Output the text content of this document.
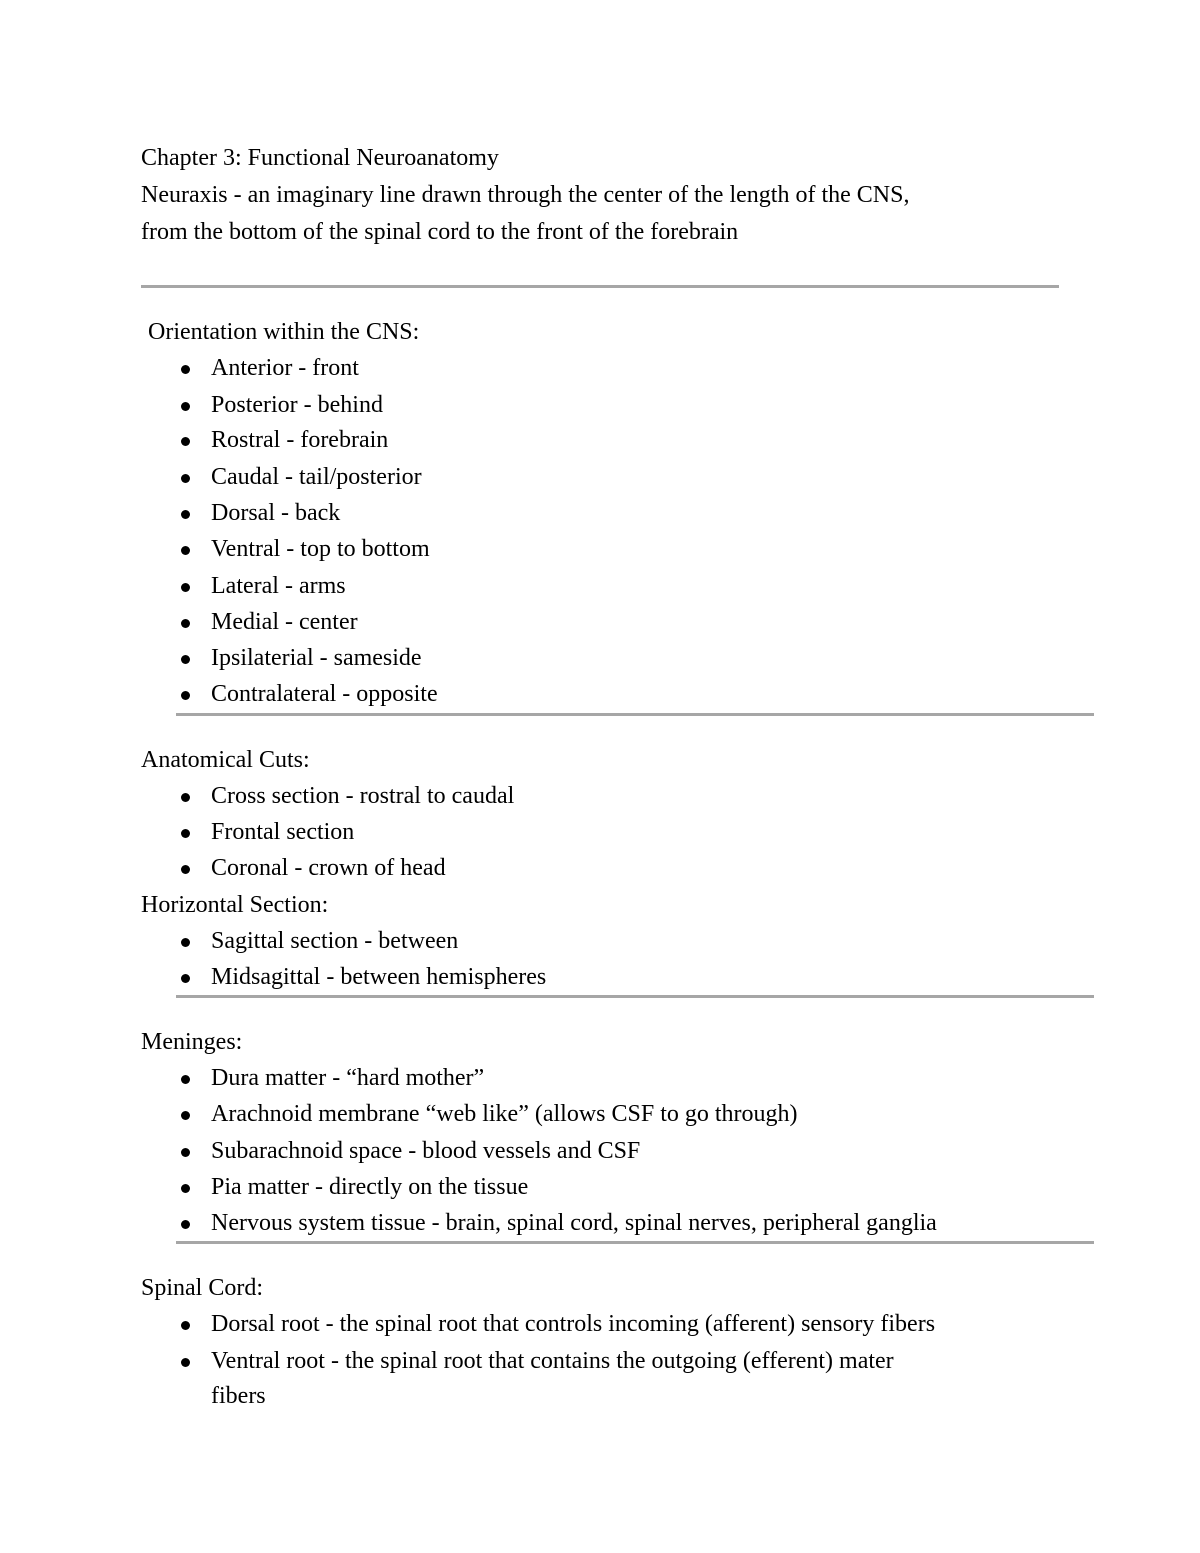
Chapter 3: Functional Neuroanatomy
Neuraxis - an imaginary line drawn through the center of the length of the CNS,
from the bottom of the spinal cord to the front of the forebrain
Orientation within the CNS:
Anterior - front
Posterior - behind
Rostral - forebrain
Caudal - tail/posterior
Dorsal - back
Ventral - top to bottom
Lateral - arms
Medial - center
Ipsilaterial - sameside
Contralateral - opposite
Anatomical Cuts:
Cross section - rostral to caudal
Frontal section
Coronal - crown of head
Horizontal Section:
Sagittal section - between
Midsagittal - between hemispheres
Meninges:
Dura matter - “hard mother”
Arachnoid membrane “web like” (allows CSF to go through)
Subarachnoid space - blood vessels and CSF
Pia matter - directly on the tissue
Nervous system tissue - brain, spinal cord, spinal nerves, peripheral ganglia
Spinal Cord:
Dorsal root - the spinal root that controls incoming (afferent) sensory fibers
Ventral root - the spinal root that contains the outgoing (efferent) mater
fibers
